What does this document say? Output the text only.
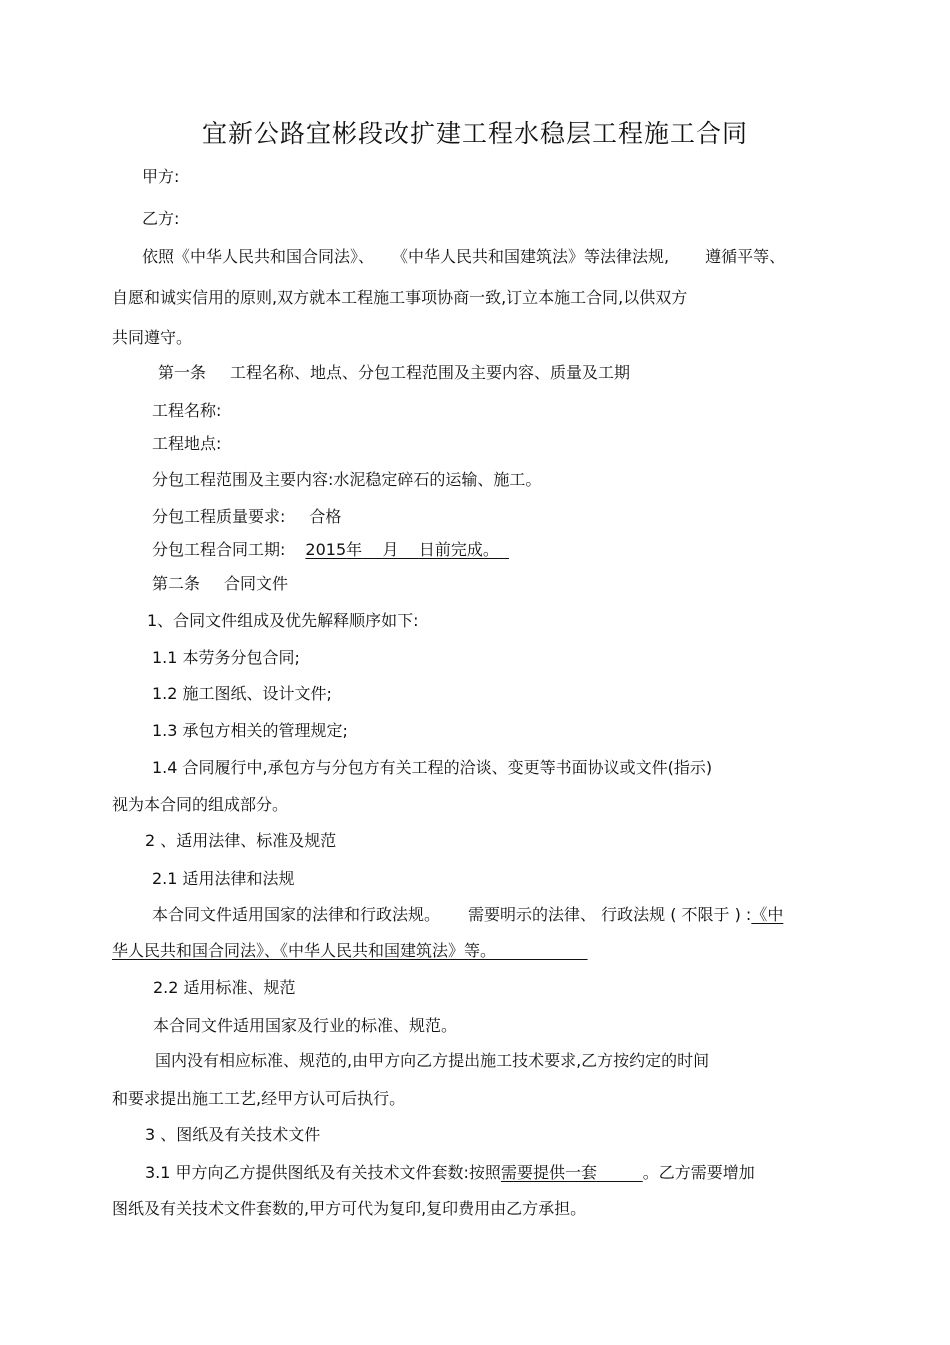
宜新公路宜彬段改扩建工程水稳层工程施工合同
甲方:
乙方:
依照《中华人民共和国合同法》、 《中华人民共和国建筑法》等法律法规, 遵循平等、
自愿和诚实信用的原则,双方就本工程施工事项协商一致,订立本施工合同,以供双方
共同遵守。
第一条 工程名称、地点、分包工程范围及主要内容、质量及工期
工程名称:
工程地点:
分包工程范围及主要内容:水泥稳定碎石的运输、施工。
分包工程质量要求: 合格
分包工程合同工期: 2015年 月 日前完成。
第二条 合同文件
1、合同文件组成及优先解释顺序如下:
1.1 本劳务分包合同;
1.2 施工图纸、设计文件;
1.3 承包方相关的管理规定;
1.4 合同履行中,承包方与分包方有关工程的洽谈、变更等书面协议或文件(指示)
视为本合同的组成部分。
2 、适用法律、标准及规范
2.1 适用法律和法规
本合同文件适用国家的法律和行政法规。 需要明示的法律、 行政法规 ( 不限于 ) :《中
华人民共和国合同法》、《中华人民共和国建筑法》等。
2.2 适用标准、规范
本合同文件适用国家及行业的标准、规范。
国内没有相应标准、规范的,由甲方向乙方提出施工技术要求,乙方按约定的时间
和要求提出施工工艺,经甲方认可后执行。
3 、图纸及有关技术文件
3.1 甲方向乙方提供图纸及有关技术文件套数:按照需要提供一套	。乙方需要增加
图纸及有关技术文件套数的,甲方可代为复印,复印费用由乙方承担。
